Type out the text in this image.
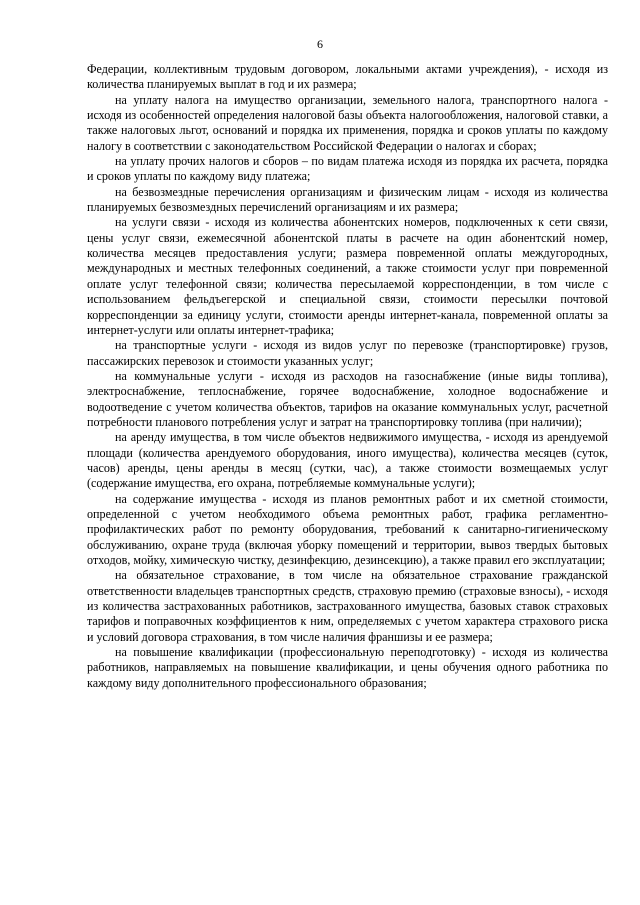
6

Федерации, коллективным трудовым договором, локальными актами учреждения), - исходя из количества планируемых выплат в год и их размера;

на уплату налога на имущество организации, земельного налога, транспортного налога - исходя из особенностей определения налоговой базы объекта налогообложения, налоговой ставки, а также налоговых льгот, оснований и порядка их применения, порядка и сроков уплаты по каждому налогу в соответствии с законодательством Российской Федерации о налогах и сборах;

на уплату прочих налогов и сборов – по видам платежа исходя из порядка их расчета, порядка и сроков уплаты по каждому виду платежа;

на безвозмездные перечисления организациям и физическим лицам - исходя из количества планируемых безвозмездных перечислений организациям и их размера;

на услуги связи - исходя из количества абонентских номеров, подключенных к сети связи, цены услуг связи, ежемесячной абонентской платы в расчете на один абонентский номер, количества месяцев предоставления услуги; размера повременной оплаты междугородных, международных и местных телефонных соединений, а также стоимости услуг при повременной оплате услуг телефонной связи; количества пересылаемой корреспонденции, в том числе с использованием фельдъегерской и специальной связи, стоимости пересылки почтовой корреспонденции за единицу услуги, стоимости аренды интернет-канала, повременной оплаты за интернет-услуги или оплаты интернет-трафика;

на транспортные услуги - исходя из видов услуг по перевозке (транспортировке) грузов, пассажирских перевозок и стоимости указанных услуг;

на коммунальные услуги - исходя из расходов на газоснабжение (иные виды топлива), электроснабжение, теплоснабжение, горячее водоснабжение, холодное водоснабжение и водоотведение с учетом количества объектов, тарифов на оказание коммунальных услуг, расчетной потребности планового потребления услуг и затрат на транспортировку топлива (при наличии);

на аренду имущества, в том числе объектов недвижимого имущества, - исходя из арендуемой площади (количества арендуемого оборудования, иного имущества), количества месяцев (суток, часов) аренды, цены аренды в месяц (сутки, час), а также стоимости возмещаемых услуг (содержание имущества, его охрана, потребляемые коммунальные услуги);

на содержание имущества - исходя из планов ремонтных работ и их сметной стоимости, определенной с учетом необходимого объема ремонтных работ, графика регламентно-профилактических работ по ремонту оборудования, требований к санитарно-гигиеническому обслуживанию, охране труда (включая уборку помещений и территории, вывоз твердых бытовых отходов, мойку, химическую чистку, дезинфекцию, дезинсекцию), а также правил его эксплуатации;

на обязательное страхование, в том числе на обязательное страхование гражданской ответственности владельцев транспортных средств, страховую премию (страховые взносы), - исходя из количества застрахованных работников, застрахованного имущества, базовых ставок страховых тарифов и поправочных коэффициентов к ним, определяемых с учетом характера страхового риска и условий договора страхования, в том числе наличия франшизы и ее размера;

на повышение квалификации (профессиональную переподготовку) - исходя из количества работников, направляемых на повышение квалификации, и цены обучения одного работника по каждому виду дополнительного профессионального образования;
